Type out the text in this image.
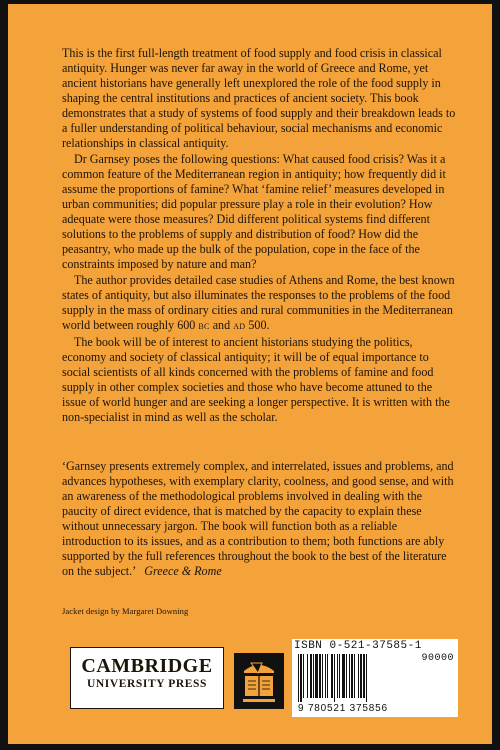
This is the first full-length treatment of food supply and food crisis in classical antiquity. Hunger was never far away in the world of Greece and Rome, yet ancient historians have generally left unexplored the role of the food supply in shaping the central institutions and practices of ancient society. This book demonstrates that a study of systems of food supply and their breakdown leads to a fuller understanding of political behaviour, social mechanisms and economic relationships in classical antiquity.

Dr Garnsey poses the following questions: What caused food crisis? Was it a common feature of the Mediterranean region in antiquity; how frequently did it assume the proportions of famine? What ‘famine relief’ measures developed in urban communities; did popular pressure play a role in their evolution? How adequate were those measures? Did different political systems find different solutions to the problems of supply and distribution of food? How did the peasantry, who made up the bulk of the population, cope in the face of the constraints imposed by nature and man?

The author provides detailed case studies of Athens and Rome, the best known states of antiquity, but also illuminates the responses to the problems of the food supply in the mass of ordinary cities and rural communities in the Mediterranean world between roughly 600 bc and ad 500.

The book will be of interest to ancient historians studying the politics, economy and society of classical antiquity; it will be of equal importance to social scientists of all kinds concerned with the problems of famine and food supply in other complex societies and those who have become attuned to the issue of world hunger and are seeking a longer perspective. It is written with the non-specialist in mind as well as the scholar.

‘Garnsey presents extremely complex, and interrelated, issues and problems, and advances hypotheses, with exemplary clarity, coolness, and good sense, and with an awareness of the methodological problems involved in dealing with the paucity of direct evidence, that is matched by the capacity to explain these without unnecessary jargon. The book will function both as a reliable introduction to its issues, and as a contribution to them; both functions are ably supported by the full references throughout the book to the best of the literature on the subject.’ Greece & Rome
Jacket design by Margaret Downing
CAMBRIDGE
UNIVERSITY PRESS
ISBN 0-521-37585-1
90000
9 780521 375856
